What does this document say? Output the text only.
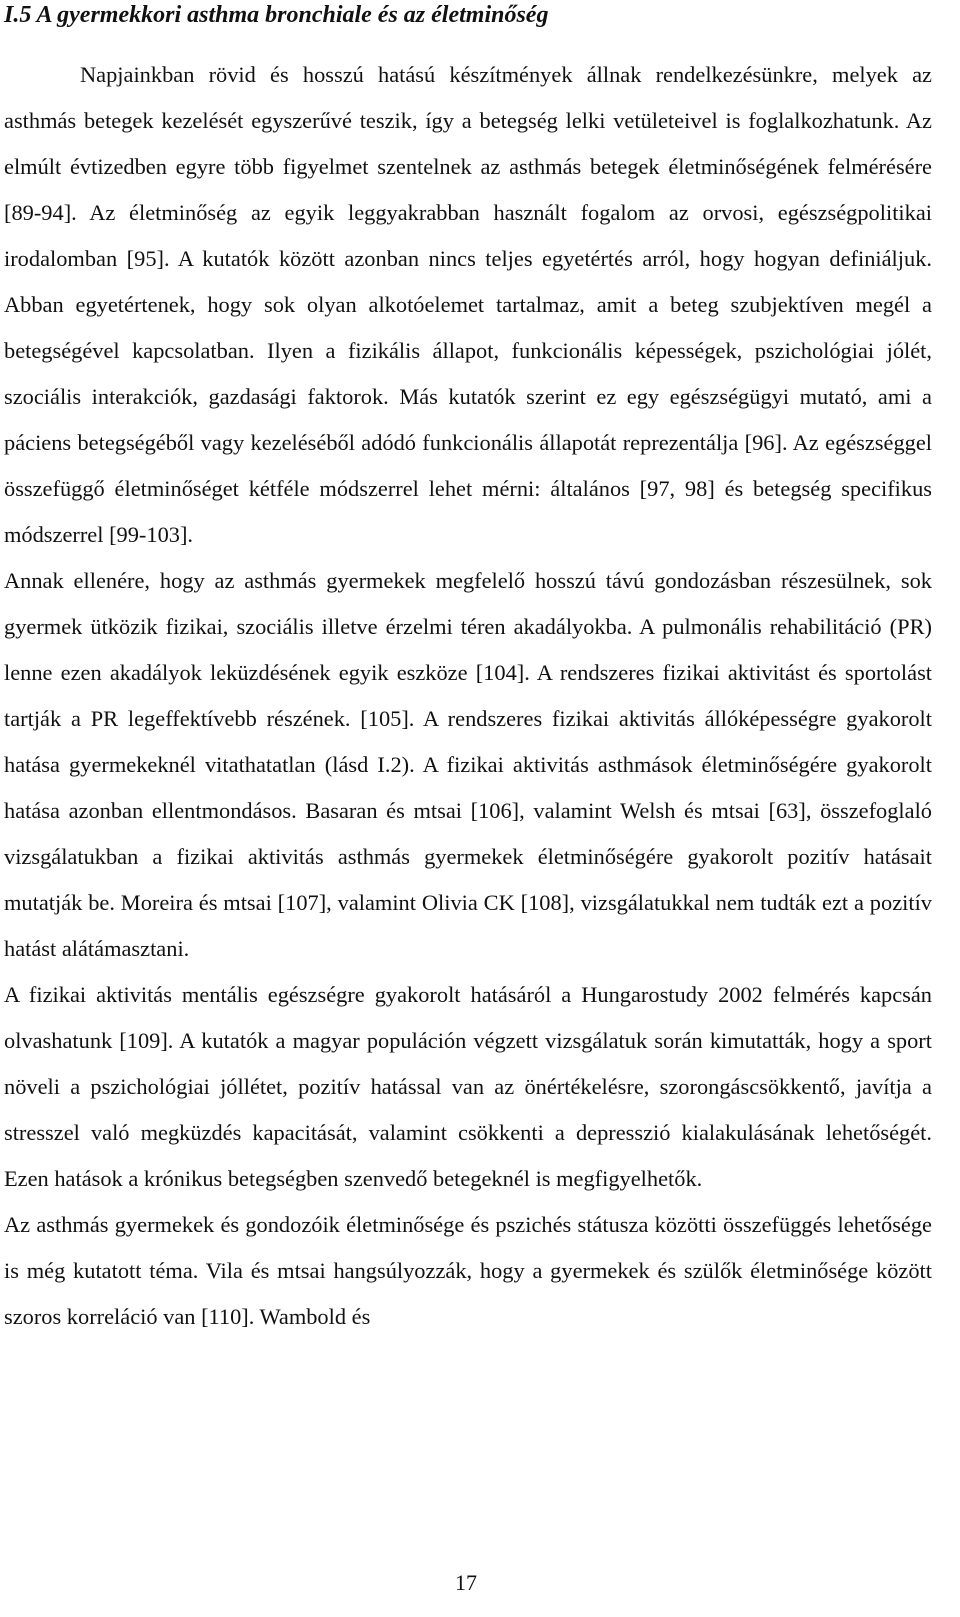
I.5 A gyermekkori asthma bronchiale és az életminőség

Napjainkban rövid és hosszú hatású készítmények állnak rendelkezésünkre, melyek az asthmás betegek kezelését egyszerűvé teszik, így a betegség lelki vetületeivel is foglalkozhatunk. Az elmúlt évtizedben egyre több figyelmet szentelnek az asthmás betegek életminőségének felmérésére [89-94]. Az életminőség az egyik leggyakrabban használt fogalom az orvosi, egészségpolitikai irodalomban [95]. A kutatók között azonban nincs teljes egyetértés arról, hogy hogyan definiáljuk. Abban egyetértenek, hogy sok olyan alkotóelemet tartalmaz, amit a beteg szubjektíven megél a betegségével kapcsolatban. Ilyen a fizikális állapot, funkcionális képességek, pszichológiai jólét, szociális interakciók, gazdasági faktorok. Más kutatók szerint ez egy egészségügyi mutató, ami a páciens betegségéből vagy kezeléséből adódó funkcionális állapotát reprezentálja [96]. Az egészséggel összefüggő életminőséget kétféle módszerrel lehet mérni: általános [97, 98] és betegség specifikus módszerrel [99-103].

Annak ellenére, hogy az asthmás gyermekek megfelelő hosszú távú gondozásban részesülnek, sok gyermek ütközik fizikai, szociális illetve érzelmi téren akadályokba. A pulmonális rehabilitáció (PR) lenne ezen akadályok leküzdésének egyik eszköze [104]. A rendszeres fizikai aktivitást és sportolást tartják a PR legeffektívebb részének. [105]. A rendszeres fizikai aktivitás állóképességre gyakorolt hatása gyermekeknél vitathatatlan (lásd I.2). A fizikai aktivitás asthmások életminőségére gyakorolt hatása azonban ellentmondásos. Basaran és mtsai [106], valamint Welsh és mtsai [63], összefoglaló vizsgálatukban a fizikai aktivitás asthmás gyermekek életminőségére gyakorolt pozitív hatásait mutatják be. Moreira és mtsai [107], valamint Olivia CK [108], vizsgálatukkal nem tudták ezt a pozitív hatást alátámasztani.

A fizikai aktivitás mentális egészségre gyakorolt hatásáról a Hungarostudy 2002 felmérés kapcsán olvashatunk [109]. A kutatók a magyar populáción végzett vizsgálatuk során kimutatták, hogy a sport növeli a pszichológiai jóllétet, pozitív hatással van az önértékelésre, szorongáscsökkentő, javítja a stresszel való megküzdés kapacitását, valamint csökkenti a depresszió kialakulásának lehetőségét. Ezen hatások a krónikus betegségben szenvedő betegeknél is megfigyelhetők.

Az asthmás gyermekek és gondozóik életminősége és pszichés státusza közötti összefüggés lehetősége is még kutatott téma. Vila és mtsai hangsúlyozzák, hogy a gyermekek és szülők életminősége között szoros korreláció van [110]. Wambold és

17
